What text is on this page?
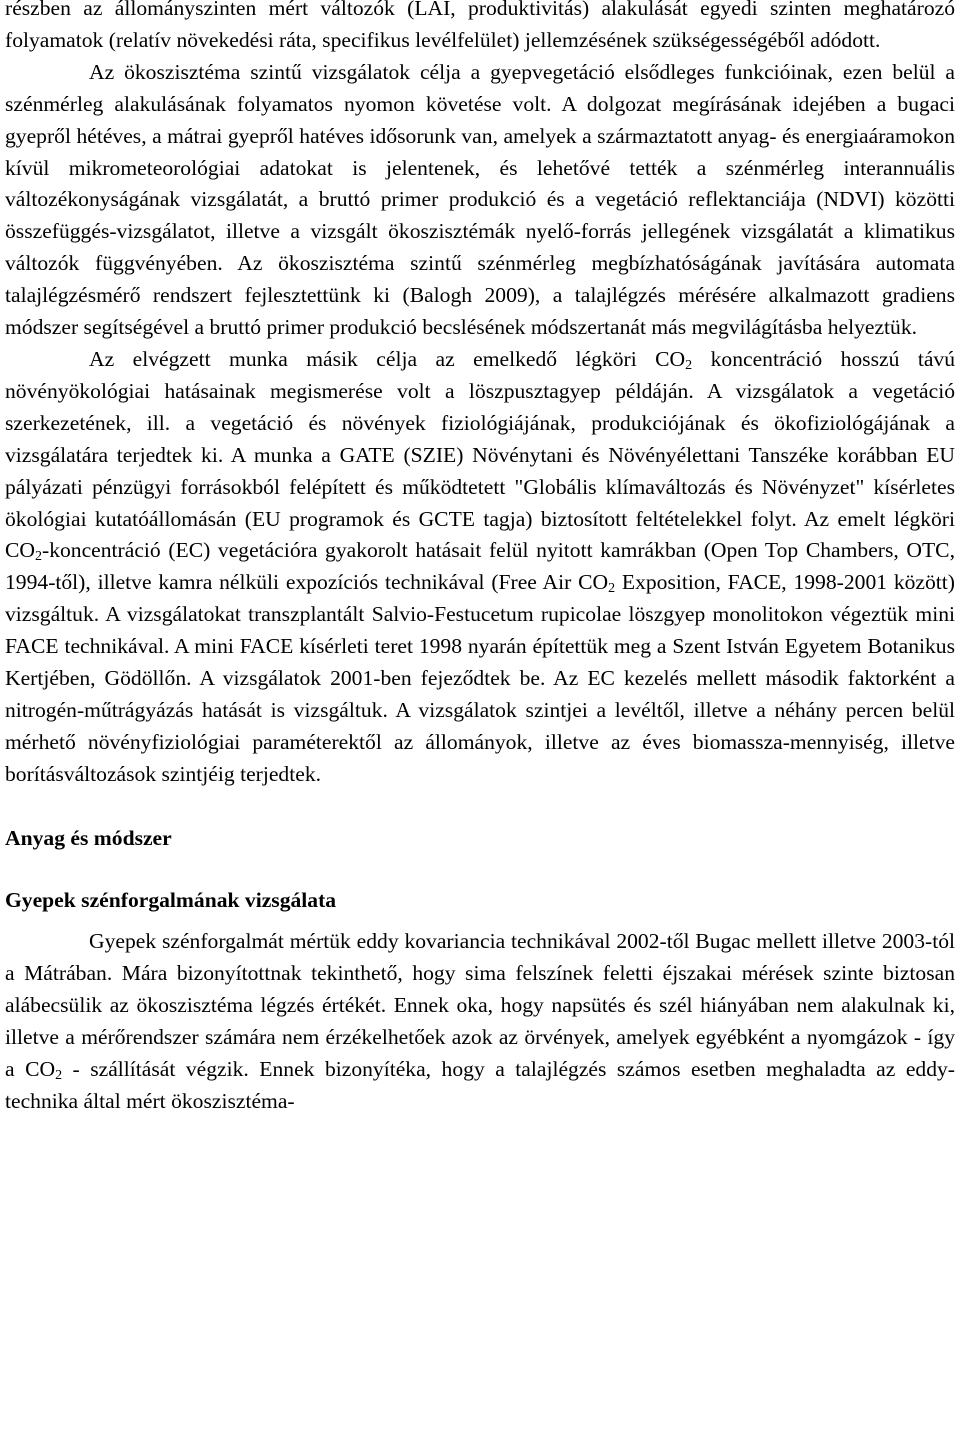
részben az állományszinten mért változók (LAI, produktivitás) alakulását egyedi szinten meghatározó folyamatok (relatív növekedési ráta, specifikus levélfelület) jellemzésének szükségességéből adódott.

Az ökoszisztéma szintű vizsgálatok célja a gyepvegetáció elsődleges funkcióinak, ezen belül a szénmérleg alakulásának folyamatos nyomon követése volt. A dolgozat megírásának idejében a bugaci gyepről hétéves, a mátrai gyepről hatéves idősorunk van, amelyek a származtatott anyag- és energiaáramokon kívül mikrometeorológiai adatokat is jelentenek, és lehetővé tették a szénmérleg interannuális változékonyságának vizsgálatát, a bruttó primer produkció és a vegetáció reflektanciája (NDVI) közötti összefüggés-vizsgálatot, illetve a vizsgált ökoszisztémák nyelő-forrás jellegének vizsgálatát a klimatikus változók függvényében. Az ökoszisztéma szintű szénmérleg megbízhatóságának javítására automata talajlégzésmérő rendszert fejlesztettünk ki (Balogh 2009), a talajlégzés mérésére alkalmazott gradiens módszer segítségével a bruttó primer produkció becslésének módszertanát más megvilágításba helyeztük.

Az elvégzett munka másik célja az emelkedő légköri $CO_2$ koncentráció hosszú távú növényökológiai hatásainak megismerése volt a löszpusztagyep példáján. A vizsgálatok a vegetáció szerkezetének, ill. a vegetáció és növények fiziológiájának, produkciójának és ökofiziológájának a vizsgálatára terjedtek ki. A munka a GATE (SZIE) Növénytani és Növényélettani Tanszéke korábban EU pályázati pénzügyi forrásokból felépített és működtetett "Globális klímaváltozás és Növényzet" kísérletes ökológiai kutatóállomásán (EU programok és GCTE tagja) biztosított feltételekkel folyt. Az emelt légköri $CO_2$-koncentráció (EC) vegetációra gyakorolt hatásait felül nyitott kamrákban (Open Top Chambers, OTC, 1994-től), illetve kamra nélküli expozíciós technikával (Free Air $CO_2$ Exposition, FACE, 1998-2001 között) vizsgáltuk. A vizsgálatokat transzplantált Salvio-Festucetum rupicolae löszgyep monolitokon végeztük mini FACE technikával. A mini FACE kísérleti teret 1998 nyarán építettük meg a Szent István Egyetem Botanikus Kertjében, Gödöllőn. A vizsgálatok 2001-ben fejeződtek be. Az EC kezelés mellett második faktorként a nitrogén-műtrágyázás hatását is vizsgáltuk. A vizsgálatok szintjei a levéltől, illetve a néhány percen belül mérhető növényfiziológiai paraméterektől az állományok, illetve az éves biomassza-mennyiség, illetve borításváltozások szintjéig terjedtek.

Anyag és módszer
Gyepek szénforgalmának vizsgálata

Gyepek szénforgalmát mértük eddy kovariancia technikával 2002-től Bugac mellett illetve 2003-tól a Mátrában. Mára bizonyítottnak tekinthető, hogy sima felszínek feletti éjszakai mérések szinte biztosan alábecsülik az ökoszisztéma légzés értékét. Ennek oka, hogy napsütés és szél hiányában nem alakulnak ki, illetve a mérőrendszer számára nem érzékelhetőek azok az örvények, amelyek egyébként a nyomgázok - így a $CO_2$ - szállítását végzik. Ennek bizonyítéka, hogy a talajlégzés számos esetben meghaladta az eddy-technika által mért ökoszisztéma-
